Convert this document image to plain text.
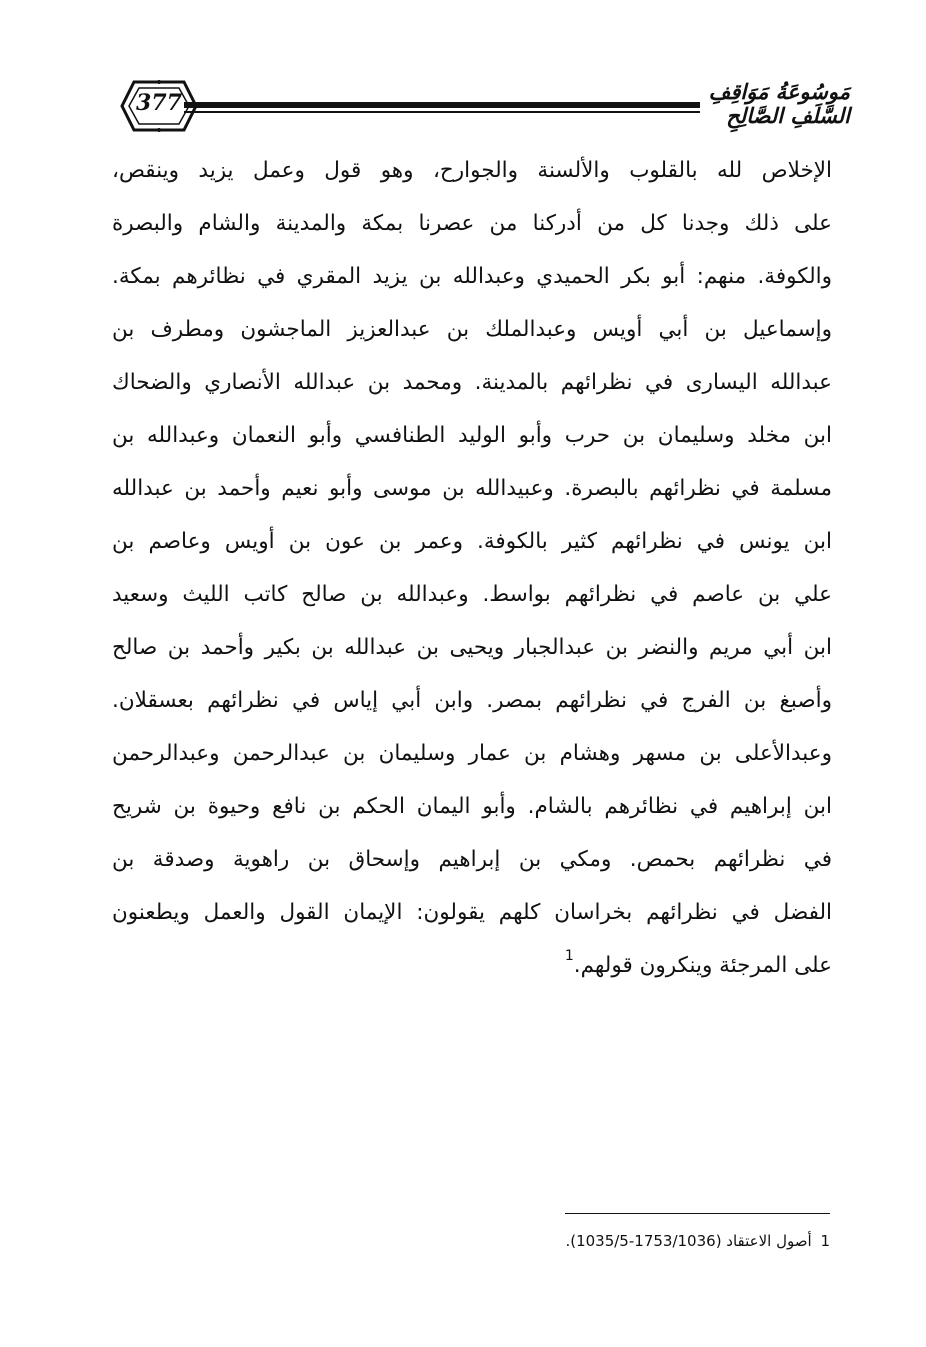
377	مَوسُوعَةُ مَوَاقِفِ السَّلَفِ الصَّالِحِ
الإخلاص لله بالقلوب والألسنة والجوارح، وهو قول وعمل يزيد وينقص،
على ذلك وجدنا كل من أدركنا من عصرنا بمكة والمدينة والشام والبصرة
والكوفة. منهم: أبو بكر الحميدي وعبدالله بن يزيد المقري في نظائرهم بمكة.
وإسماعيل بن أبي أويس وعبدالملك بن عبدالعزيز الماجشون ومطرف بن
عبدالله اليسارى في نظرائهم بالمدينة. ومحمد بن عبدالله الأنصاري والضحاك
ابن مخلد وسليمان بن حرب وأبو الوليد الطنافسي وأبو النعمان وعبدالله بن
مسلمة في نظرائهم بالبصرة. وعبيدالله بن موسى وأبو نعيم وأحمد بن عبدالله
ابن يونس في نظرائهم كثير بالكوفة. وعمر بن عون بن أويس وعاصم بن
علي بن عاصم في نظرائهم بواسط. وعبدالله بن صالح كاتب الليث وسعيد
ابن أبي مريم والنضر بن عبدالجبار ويحيى بن عبدالله بن بكير وأحمد بن صالح
وأصبغ بن الفرج في نظرائهم بمصر. وابن أبي إياس في نظرائهم بعسقلان.
وعبدالأعلى بن مسهر وهشام بن عمار وسليمان بن عبدالرحمن وعبدالرحمن
ابن إبراهيم في نظائرهم بالشام. وأبو اليمان الحكم بن نافع وحيوة بن شريح
في نظرائهم بحمص. ومكي بن إبراهيم وإسحاق بن راهوية وصدقة بن
الفضل في نظرائهم بخراسان كلهم يقولون: الإيمان القول والعمل ويطعنون
على المرجئة وينكرون قولهم.$^1$
1 أصول الاعتقاد (1753/1036-1035/5).
